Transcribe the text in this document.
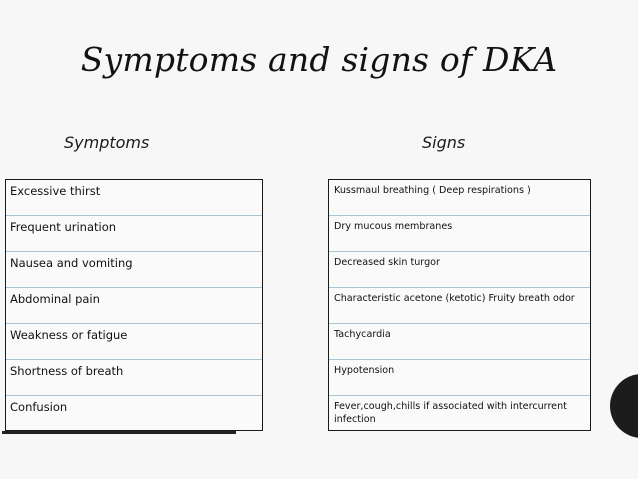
Symptoms and signs of DKA
Symptoms	Signs
Excessive thirst
Frequent urination
Nausea and vomiting
Abdominal pain
Weakness or fatigue
Shortness of breath
Confusion
Kussmaul breathing ( Deep respirations )
Dry mucous membranes
Decreased skin turgor
Characteristic acetone (ketotic) Fruity breath odor
Tachycardia
Hypotension
Fever,cough,chills if associated with intercurrent infection
